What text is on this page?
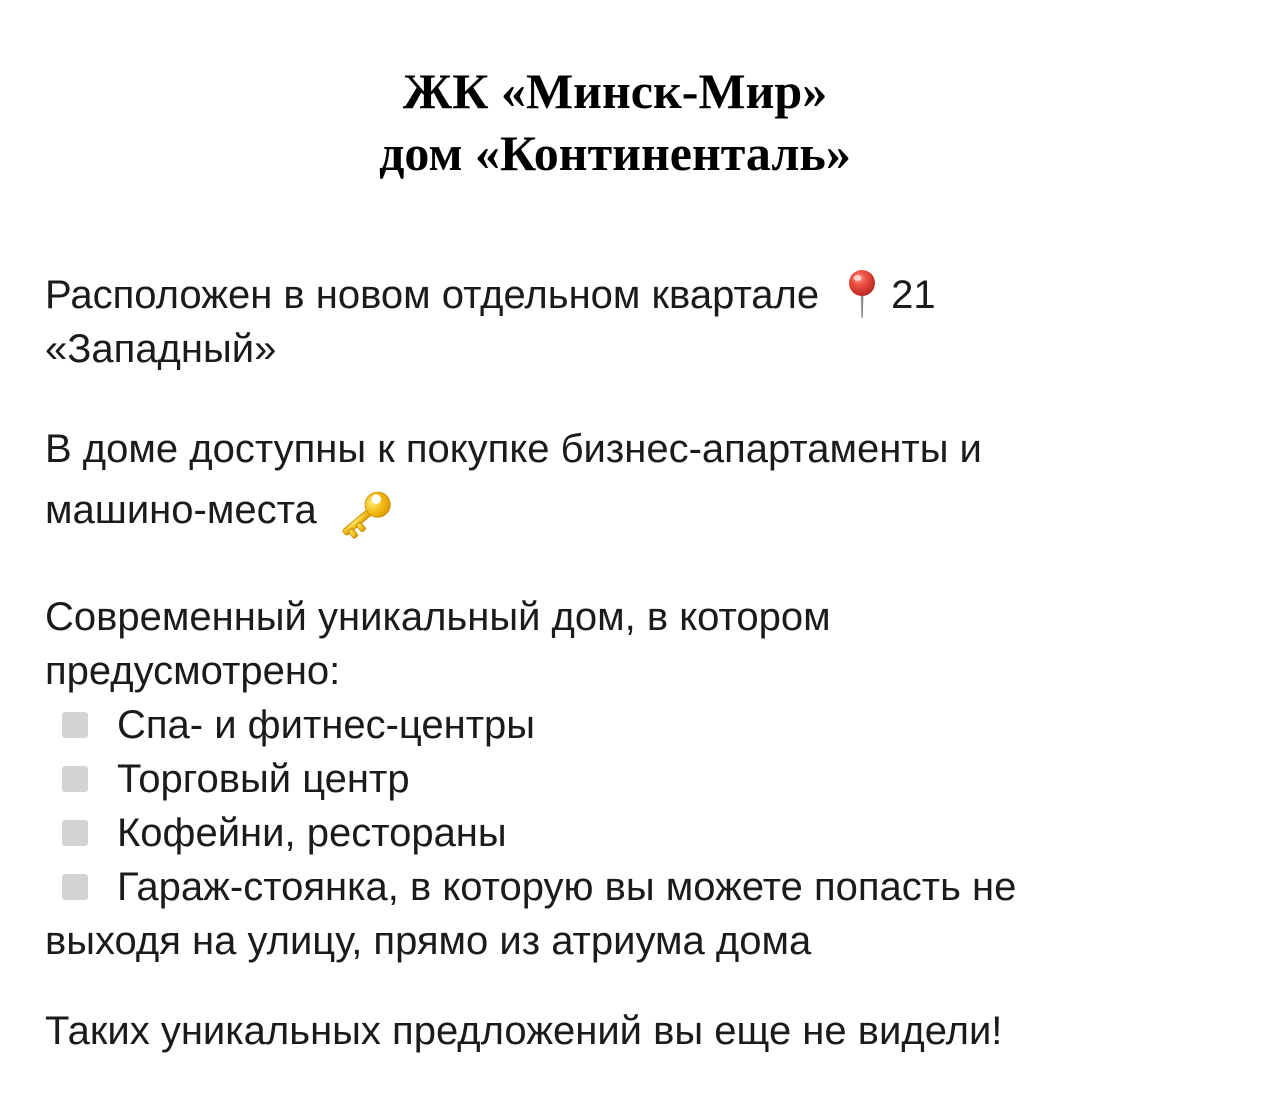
ЖК «Минск-Мир»
дом «Континенталь»
Расположен в новом отдельном квартале 21
«Западный»
В доме доступны к покупке бизнес-апартаменты и
машино-места
Современный уникальный дом, в котором
предусмотрено:
Спа- и фитнес-центры
Торговый центр
Кофейни, рестораны
Гараж-стоянка, в которую вы можете попасть не
выходя на улицу, прямо из атриума дома
Таких уникальных предложений вы еще не видели!
